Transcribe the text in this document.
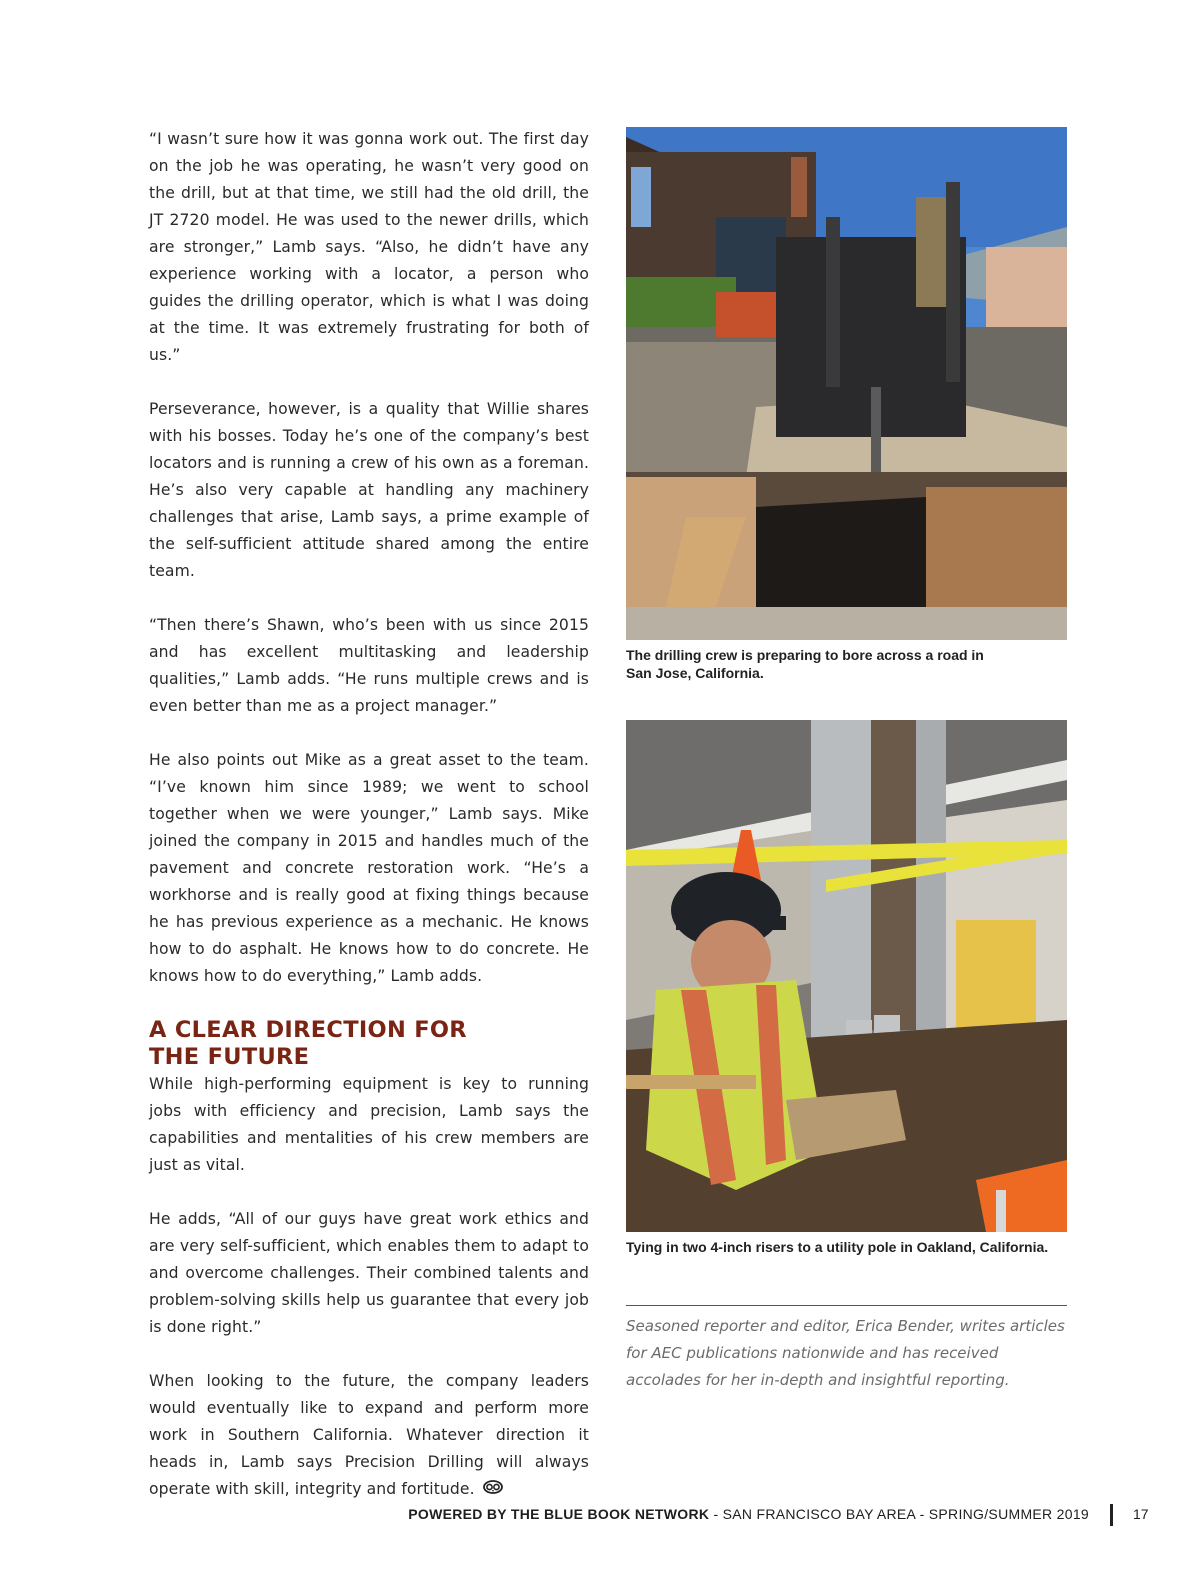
“I wasn’t sure how it was gonna work out. The first day on the job he was operating, he wasn’t very good on the drill, but at that time, we still had the old drill, the JT 2720 model. He was used to the newer drills, which are stronger,” Lamb says. “Also, he didn’t have any experience working with a locator, a person who guides the drilling operator, which is what I was doing at the time. It was extremely frustrating for both of us.”

Perseverance, however, is a quality that Willie shares with his bosses. Today he’s one of the company’s best locators and is running a crew of his own as a foreman. He’s also very capable at handling any machinery challenges that arise, Lamb says, a prime example of the self-sufficient attitude shared among the entire team.

“Then there’s Shawn, who’s been with us since 2015 and has excellent multitasking and leadership qualities,” Lamb adds. “He runs multiple crews and is even better than me as a project manager.”

He also points out Mike as a great asset to the team. “I’ve known him since 1989; we went to school together when we were younger,” Lamb says. Mike joined the company in 2015 and handles much of the pavement and concrete restoration work. “He’s a workhorse and is really good at fixing things because he has previous experience as a mechanic. He knows how to do asphalt. He knows how to do concrete. He knows how to do everything,” Lamb adds.

A CLEAR DIRECTION FOR
THE FUTURE

While high-performing equipment is key to running jobs with efficiency and precision, Lamb says the capabilities and mentalities of his crew members are just as vital.

He adds, “All of our guys have great work ethics and are very self-sufficient, which enables them to adapt to and overcome challenges. Their combined talents and problem-solving skills help us guarantee that every job is done right.”

When looking to the future, the company leaders would eventually like to expand and perform more work in Southern California. Whatever direction it heads in, Lamb says Precision Drilling will always operate with skill, integrity and fortitude.

The drilling crew is preparing to bore across a road in San Jose, California.

Tying in two 4-inch risers to a utility pole in Oakland, California.

Seasoned reporter and editor, Erica Bender, writes articles for AEC publications nationwide and has received accolades for her in-depth and insightful reporting.

POWERED BY THE BLUE BOOK NETWORK - SAN FRANCISCO BAY AREA - SPRING/SUMMER 2019	17
